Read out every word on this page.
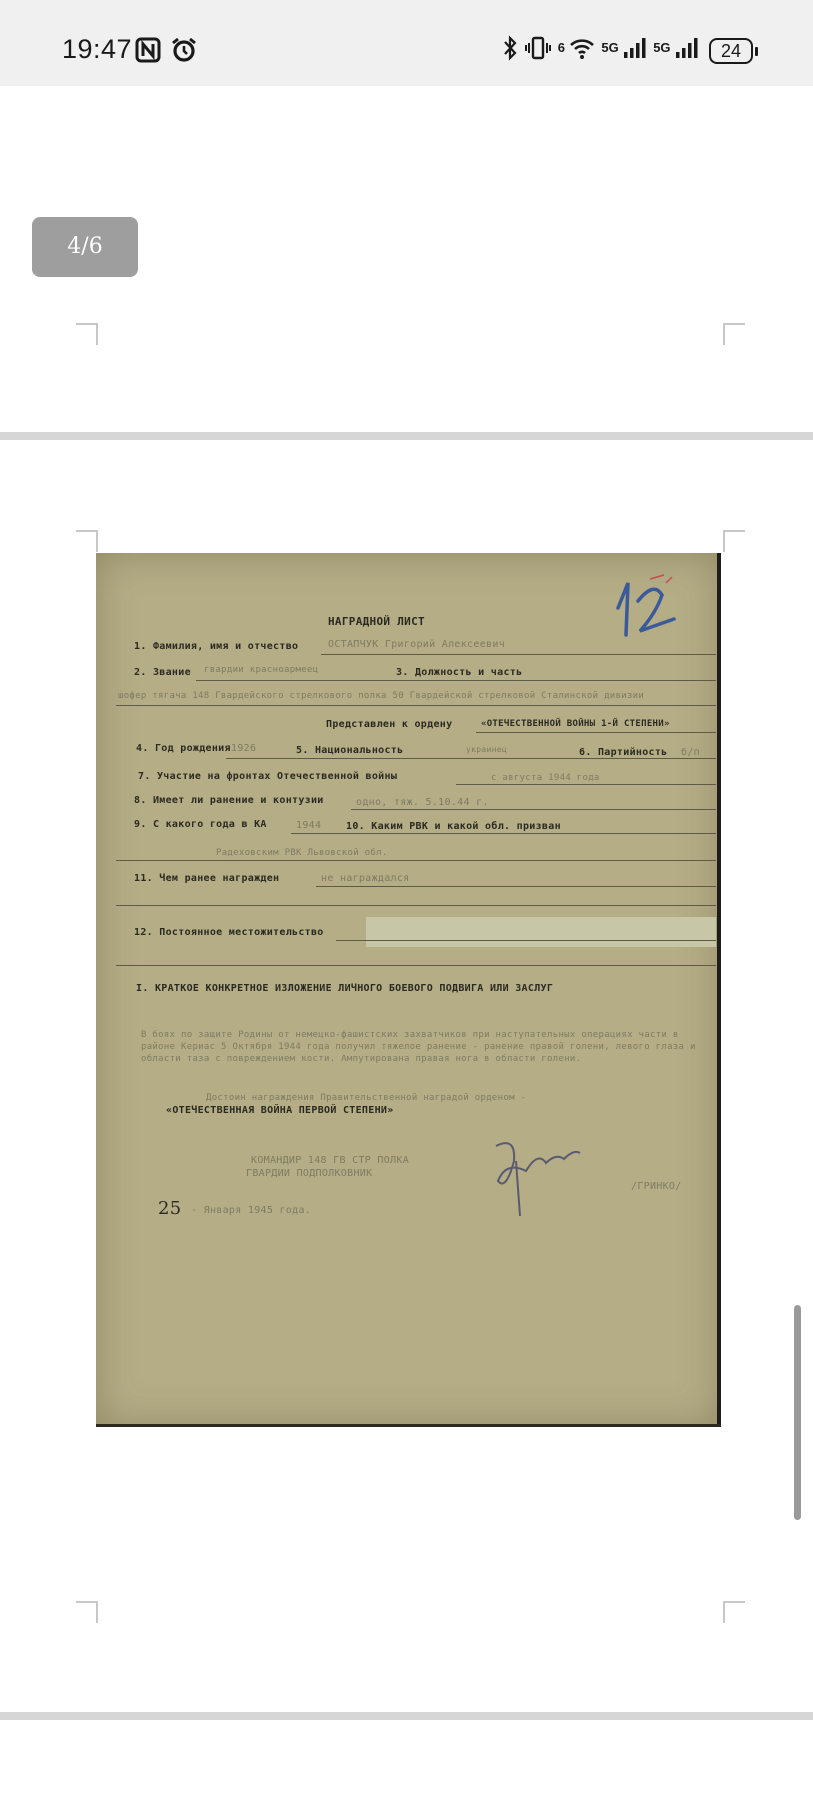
19:47	$^6$	$^{5G}$	$^{5G}$	24
4/6
НАГРАДНОЙ ЛИСТ
1. Фамилия, имя и отчество	ОСТАПЧУК Григорий Алексеевич
2. Звание гвардии красноармеец	3. Должность и часть
шофер тягача 148 Гвардейского стрелкового полка 50 Гвардейской стрелковой Сталинской дивизии
Представлен к ордену	«ОТЕЧЕСТВЕННОЙ ВОЙНЫ 1-Й СТЕПЕНИ»
4. Год рождения 1926	5. Национальность	украинец	6. Партийность б/п
7. Участие на фронтах Отечественной войны	с августа 1944 года
8. Имеет ли ранение и контузии	одно, тяж. 5.10.44 г.
9. С какого года в КА	1944 10. Каким РВК и какой обл. призван
Радеховским РВК Львовской обл.
11. Чем ранее награжден	не награждался
12. Постоянное местожительство
I. КРАТКОЕ КОНКРЕТНОЕ ИЗЛОЖЕНИЕ ЛИЧНОГО БОЕВОГО ПОДВИГА ИЛИ ЗАСЛУГ
В боях по защите Родины от немецко-фашистских захватчиков при наступательных операциях части в районе Кериас 5 Октября 1944 года получил тяжелое ранение - ранение правой голени, левого глаза и области таза с повреждением кости. Ампутирована правая нога в области голени.
Достоин награждения Правительственной наградой орденом -
«ОТЕЧЕСТВЕННАЯ ВОЙНА ПЕРВОЙ СТЕПЕНИ»
КОМАНДИР 148 ГВ СТР ПОЛКА
ГВАРДИИ ПОДПОЛКОВНИК
/ГРИНКО/
25 - Января 1945 года.
